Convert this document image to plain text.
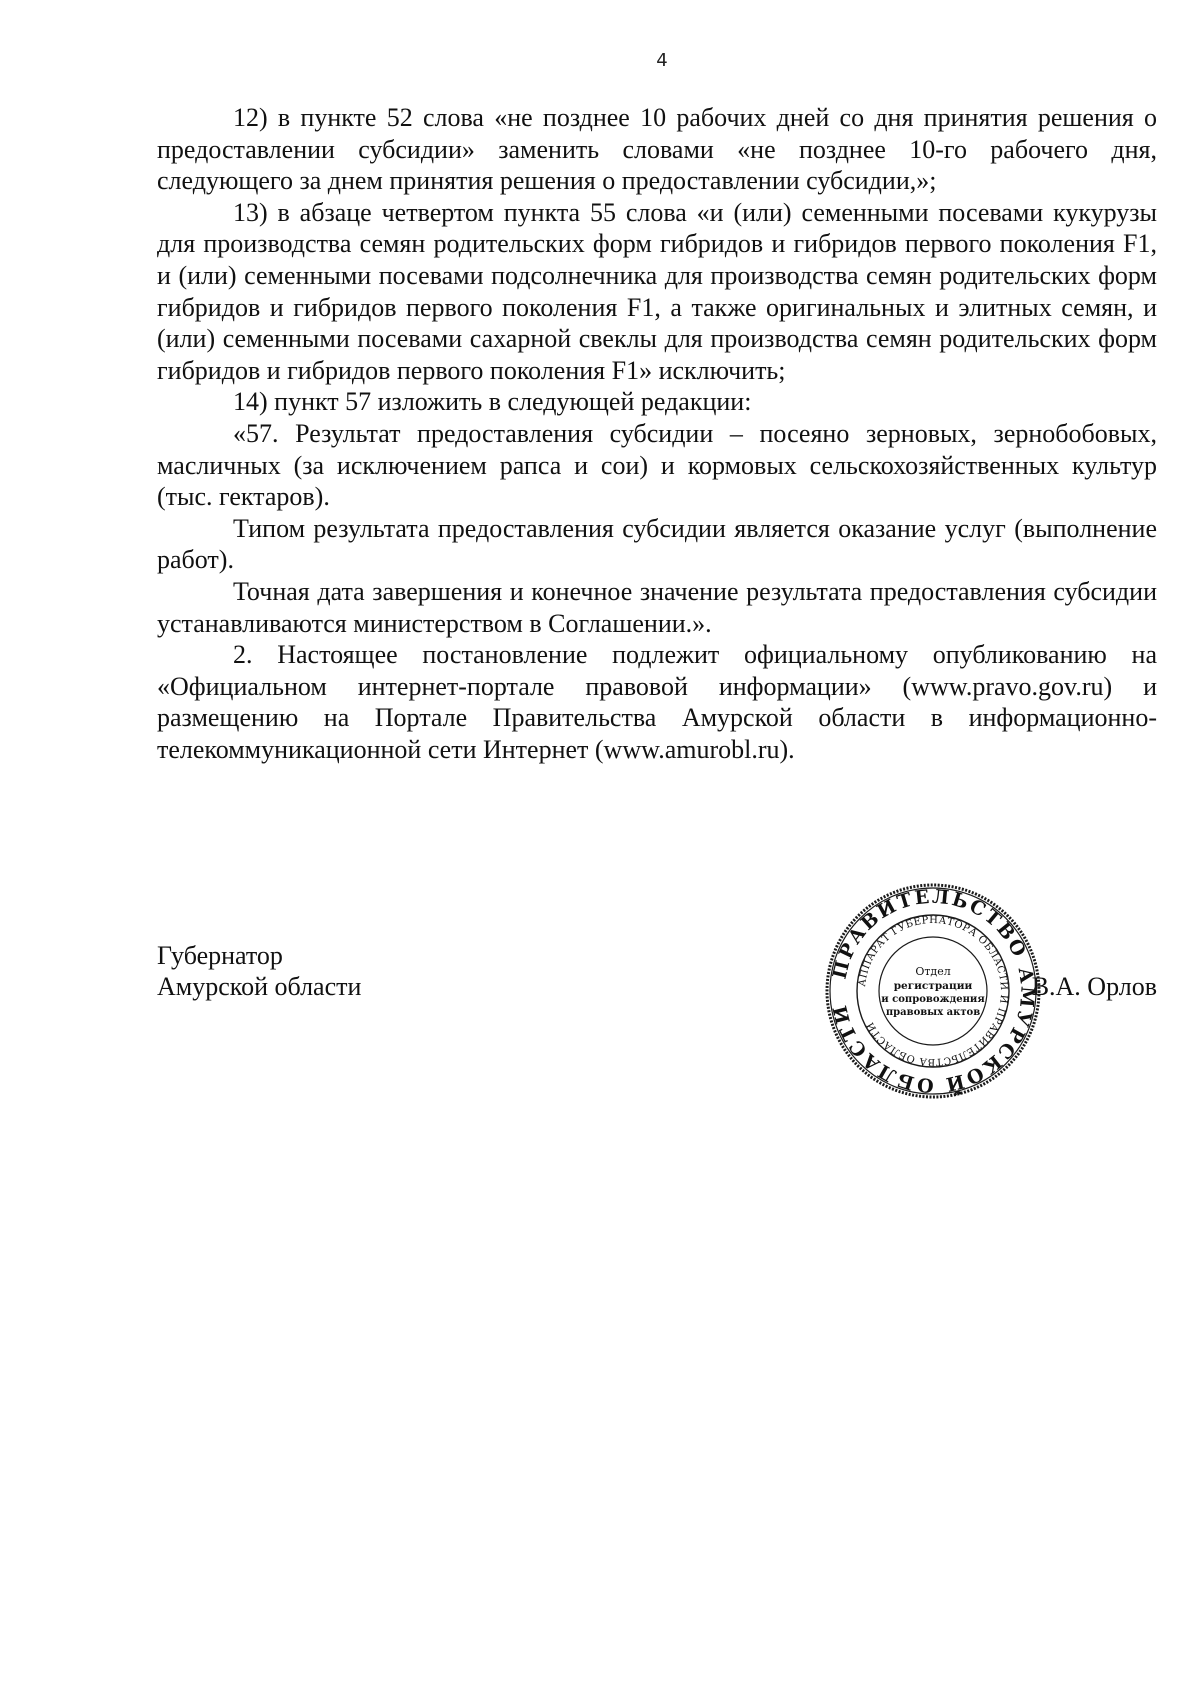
4

12) в пункте 52 слова «не позднее 10 рабочих дней со дня принятия решения о предоставлении субсидии» заменить словами «не позднее 10-го рабочего дня, следующего за днем принятия решения о предоставлении субсидии,»;

13) в абзаце четвертом пункта 55 слова «и (или) семенными посевами кукурузы для производства семян родительских форм гибридов и гибридов первого поколения F1, и (или) семенными посевами подсолнечника для производства семян родительских форм гибридов и гибридов первого поколения F1, а также оригинальных и элитных семян, и (или) семенными посевами сахарной свеклы для производства семян родительских форм гибридов и гибридов первого поколения F1» исключить;

14) пункт 57 изложить в следующей редакции:

«57. Результат предоставления субсидии – посеяно зерновых, зернобобовых, масличных (за исключением рапса и сои) и кормовых сельскохозяйственных культур (тыс. гектаров).

Типом результата предоставления субсидии является оказание услуг (выполнение работ).

Точная дата завершения и конечное значение результата предоставления субсидии устанавливаются министерством в Соглашении.».

2. Настоящее постановление подлежит официальному опубликованию на «Официальном интернет-портале правовой информации» (www.pravo.gov.ru) и размещению на Портале Правительства Амурской области в информационно-телекоммуникационной сети Интернет (www.amurobl.ru).

Губернатор
Амурской области	В.А. Орлов
ПРАВИТЕЛЬСТВО АМУРСКОЙ ОБЛАСТИ
АППАРАТ ГУБЕРНАТОРА ОБЛАСТИ И ПРАВИТЕЛЬСТВА ОБЛАСТИ
Отдел
регистрации
и сопровождения
правовых актов
